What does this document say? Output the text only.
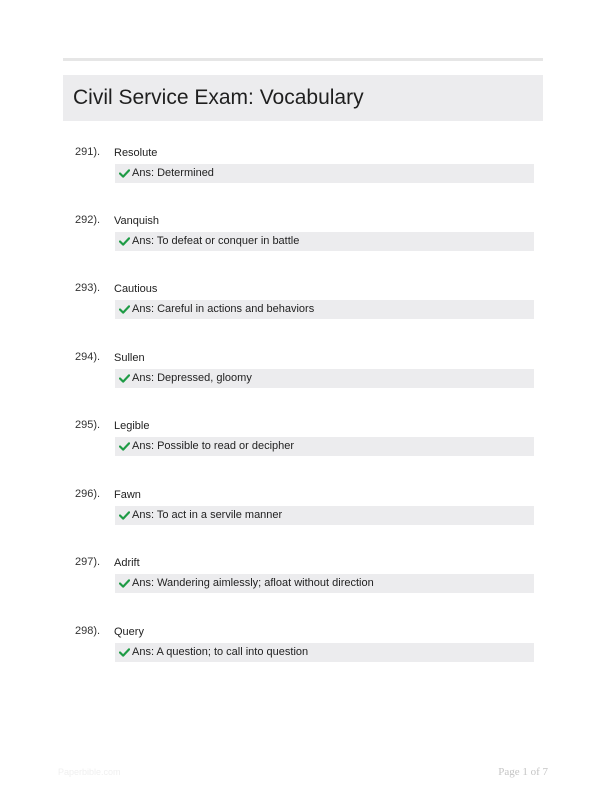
Civil Service Exam: Vocabulary
291). Resolute
Ans: Determined
292). Vanquish
Ans: To defeat or conquer in battle
293). Cautious
Ans: Careful in actions and behaviors
294). Sullen
Ans: Depressed, gloomy
295). Legible
Ans: Possible to read or decipher
296). Fawn
Ans: To act in a servile manner
297). Adrift
Ans: Wandering aimlessly; afloat without direction
298). Query
Ans: A question; to call into question
Paperbible.com	Page 1 of 7
